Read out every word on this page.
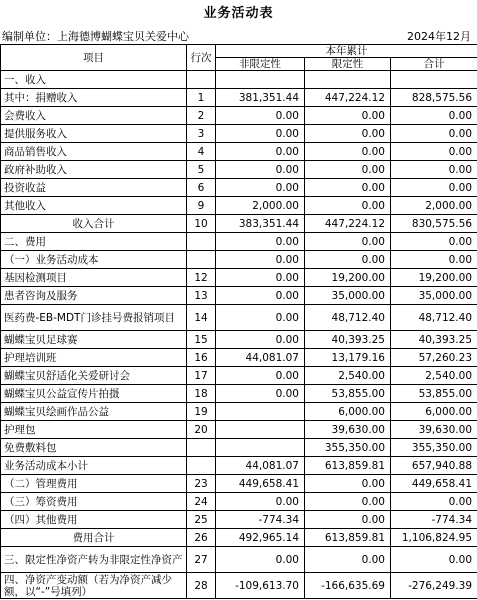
业务活动表
编制单位：上海德博蝴蝶宝贝关爱中心	2024年12月
项目	行次	本年累计		
		非限定性	限定性	合计
一、收入				
其中：捐赠收入	1	381,351.44	447,224.12	828,575.56
会费收入	2	0.00	0.00	0.00
提供服务收入	3	0.00	0.00	0.00
商品销售收入	4	0.00	0.00	0.00
政府补助收入	5	0.00	0.00	0.00
投资收益	6	0.00	0.00	0.00
其他收入	9	2,000.00	0.00	2,000.00
收入合计	10	383,351.44	447,224.12	830,575.56
二、费用		0.00	0.00	0.00
（一）业务活动成本		0.00	0.00	0.00
基因检测项目	12	0.00	19,200.00	19,200.00
患者咨询及服务	13	0.00	35,000.00	35,000.00
医药费-EB-MDT门诊挂号费报销项目	14	0.00	48,712.40	48,712.40
蝴蝶宝贝足球赛	15	0.00	40,393.25	40,393.25
护理培训班	16	44,081.07	13,179.16	57,260.23
蝴蝶宝贝舒适化关爱研讨会	17	0.00	2,540.00	2,540.00
蝴蝶宝贝公益宣传片拍摄	18	0.00	53,855.00	53,855.00
蝴蝶宝贝绘画作品公益	19		6,000.00	6,000.00
护理包	20		39,630.00	39,630.00
免费敷料包			355,350.00	355,350.00
业务活动成本小计		44,081.07	613,859.81	657,940.88
（二）管理费用	23	449,658.41	0.00	449,658.41
（三）筹资费用	24	0.00	0.00	0.00
（四）其他费用	25	-774.34	0.00	-774.34
费用合计	26	492,965.14	613,859.81	1,106,824.95
三、限定性净资产转为非限定性净资产	27	0.00	0.00	0.00
四、净资产变动额（若为净资产减少额，以“-”号填列）	28	-109,613.70	-166,635.69	-276,249.39
